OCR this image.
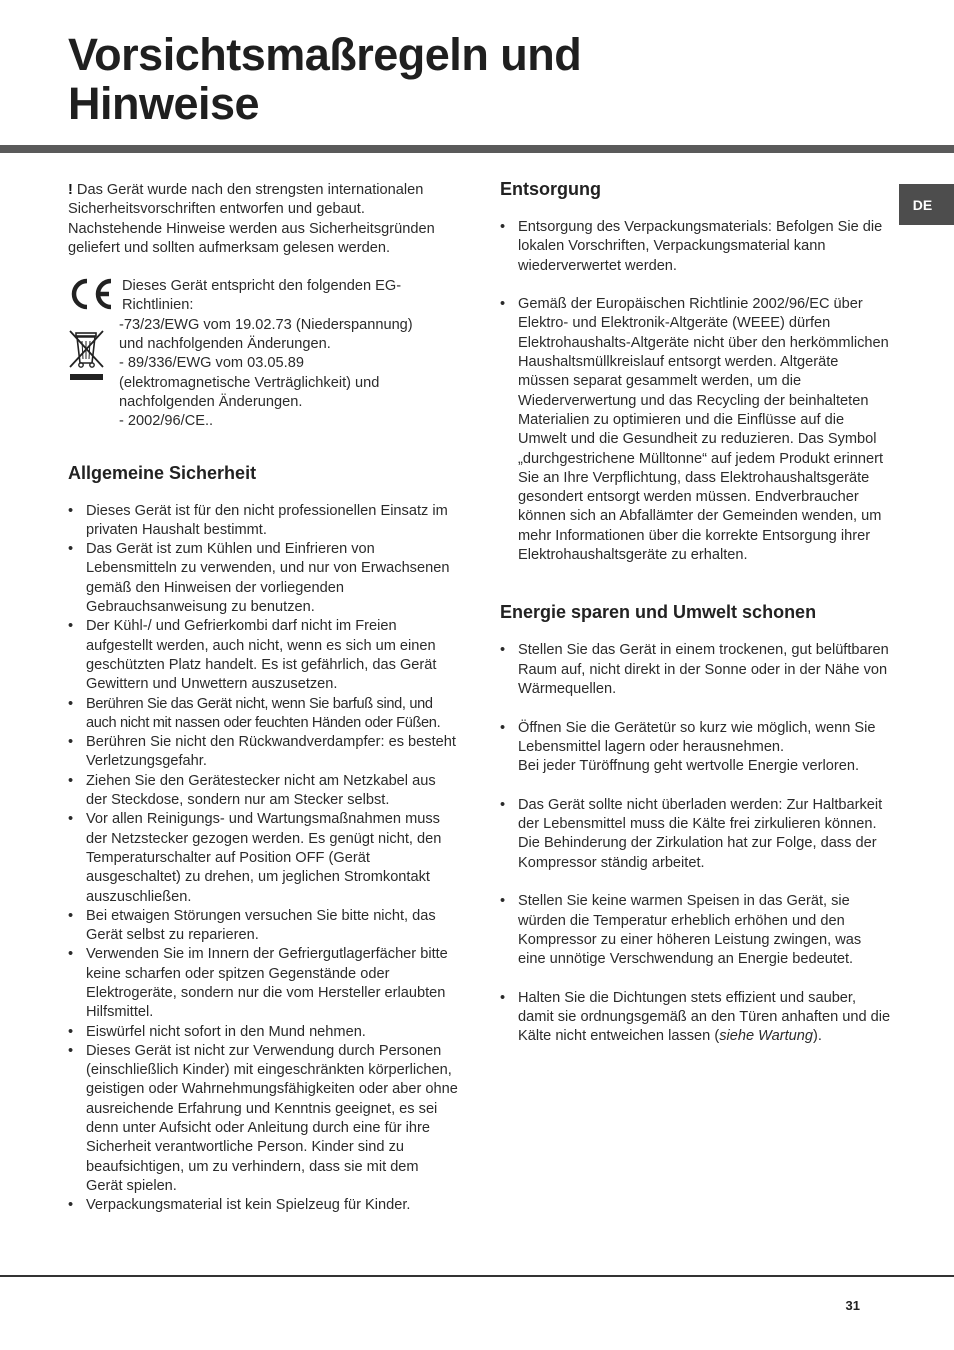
Vorsichtsmaßregeln und
Hinweise
DE

! Das Gerät wurde nach den strengsten internationalen Sicherheitsvorschriften entworfen und gebaut. Nachstehende Hinweise werden aus Sicherheitsgründen geliefert und sollten aufmerksam gelesen werden.

Dieses Gerät entspricht den folgenden EG-
Richtlinien:
-73/23/EWG vom 19.02.73 (Niederspannung)
und nachfolgenden Änderungen.
- 89/336/EWG vom 03.05.89
(elektromagnetische Verträglichkeit) und
nachfolgenden Änderungen.
- 2002/96/CE..
Allgemeine Sicherheit
• Dieses Gerät ist für den nicht professionellen Einsatz im privaten Haushalt bestimmt.
• Das Gerät ist zum Kühlen und Einfrieren von Lebensmitteln zu verwenden, und nur von Erwachsenen gemäß den Hinweisen der vorliegenden Gebrauchsanweisung zu benutzen.
• Der Kühl-/ und Gefrierkombi darf nicht im Freien aufgestellt werden, auch nicht, wenn es sich um einen geschützten Platz handelt. Es ist gefährlich, das Gerät Gewittern und Unwettern auszusetzen.
• Berühren Sie das Gerät nicht, wenn Sie barfuß sind, und auch nicht mit nassen oder feuchten Händen oder Füßen.
• Berühren Sie nicht den Rückwandverdampfer: es besteht Verletzungsgefahr.
• Ziehen Sie den Gerätestecker nicht am Netzkabel aus der Steckdose, sondern nur am Stecker selbst.
• Vor allen Reinigungs- und Wartungsmaßnahmen muss der Netzstecker gezogen werden. Es genügt nicht, den Temperaturschalter auf Position OFF (Gerät ausgeschaltet) zu drehen, um jeglichen Stromkontakt auszuschließen.
• Bei etwaigen Störungen versuchen Sie bitte nicht, das Gerät selbst zu reparieren.
• Verwenden Sie im Innern der Gefriergutlagerfächer bitte keine scharfen oder spitzen Gegenstände oder Elektrogeräte, sondern nur die vom Hersteller erlaubten Hilfsmittel.
• Eiswürfel nicht sofort in den Mund nehmen.
• Dieses Gerät ist nicht zur Verwendung durch Personen (einschließlich Kinder) mit eingeschränkten körperlichen, geistigen oder Wahrnehmungsfähigkeiten oder aber ohne ausreichende Erfahrung und Kenntnis geeignet, es sei denn unter Aufsicht oder Anleitung durch eine für ihre Sicherheit verantwortliche Person. Kinder sind zu beaufsichtigen, um zu verhindern, dass sie mit dem Gerät spielen.
• Verpackungsmaterial ist kein Spielzeug für Kinder.
Entsorgung
• Entsorgung des Verpackungsmaterials: Befolgen Sie die lokalen Vorschriften, Verpackungsmaterial kann wiederverwertet werden.
• Gemäß der Europäischen Richtlinie 2002/96/EC über Elektro- und Elektronik-Altgeräte (WEEE) dürfen Elektrohaushalts-Altgeräte nicht über den herkömmlichen Haushaltsmüllkreislauf entsorgt werden. Altgeräte müssen separat gesammelt werden, um die Wiederverwertung und das Recycling der beinhalteten Materialien zu optimieren und die Einflüsse auf die Umwelt und die Gesundheit zu reduzieren. Das Symbol „durchgestrichene Mülltonne“ auf jedem Produkt erinnert Sie an Ihre Verpflichtung, dass Elektrohaushaltsgeräte gesondert entsorgt werden müssen. Endverbraucher können sich an Abfallämter der Gemeinden wenden, um mehr Informationen über die korrekte Entsorgung ihrer Elektrohaushaltsgeräte zu erhalten.
Energie sparen und Umwelt schonen
• Stellen Sie das Gerät in einem trockenen, gut belüftbaren Raum auf, nicht direkt in der Sonne oder in der Nähe von Wärmequellen.
• Öffnen Sie die Gerätetür so kurz wie möglich, wenn Sie Lebensmittel lagern oder herausnehmen.
Bei jeder Türöffnung geht wertvolle Energie verloren.
• Das Gerät sollte nicht überladen werden: Zur Haltbarkeit der Lebensmittel muss die Kälte frei zirkulieren können. Die Behinderung der Zirkulation hat zur Folge, dass der Kompressor ständig arbeitet.
• Stellen Sie keine warmen Speisen in das Gerät, sie würden die Temperatur erheblich erhöhen und den Kompressor zu einer höheren Leistung zwingen, was eine unnötige Verschwendung an Energie bedeutet.
• Halten Sie die Dichtungen stets effizient und sauber, damit sie ordnungsgemäß an den Türen anhaften und die Kälte nicht entweichen lassen (siehe Wartung).
31
